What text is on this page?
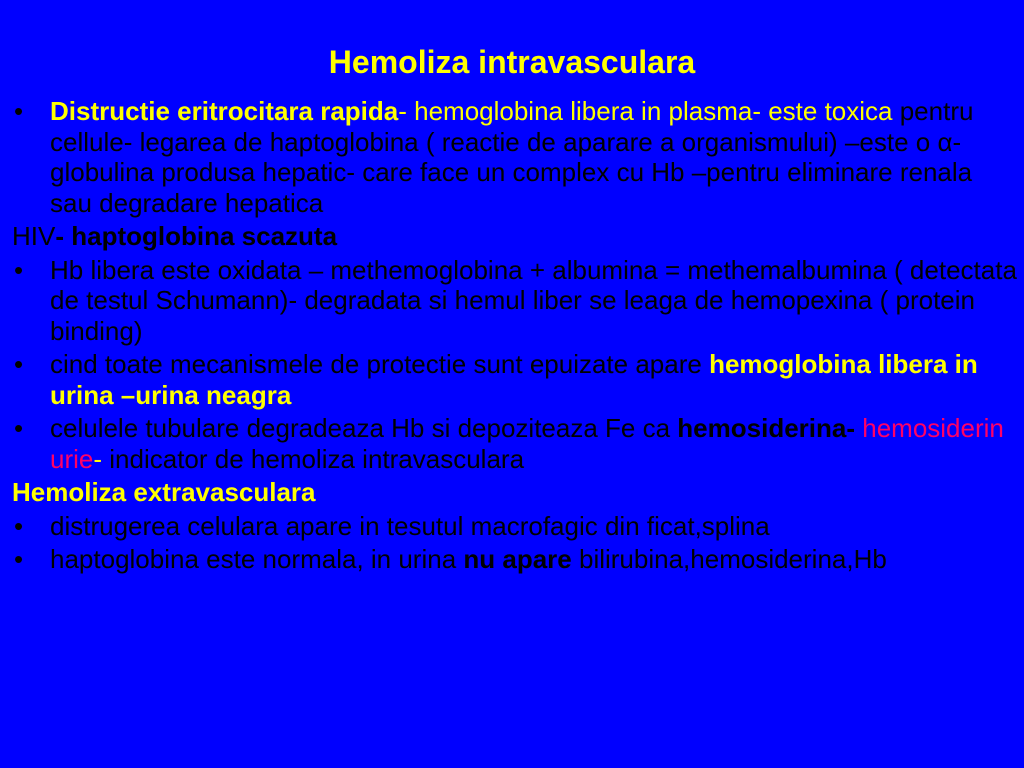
Hemoliza intravasculara
• Distructie eritrocitara rapida- hemoglobina libera in plasma- este toxica pentru cellule- legarea de haptoglobina ( reactie de aparare a organismului) –este o α-globulina produsa hepatic- care face un complex cu Hb –pentru eliminare renala sau degradare hepatica
HIV- haptoglobina scazuta
• Hb libera este oxidata – methemoglobina + albumina = methemalbumina ( detectata de testul Schumann)- degradata si hemul liber se leaga de hemopexina ( protein binding)
• cind toate mecanismele de protectie sunt epuizate apare hemoglobina libera in urina –urina neagra
• celulele tubulare degradeaza Hb si depoziteaza Fe ca hemosiderina- hemosiderin urie- indicator de hemoliza intravasculara
Hemoliza extravasculara
• distrugerea celulara apare in tesutul macrofagic din ficat,splina
• haptoglobina este normala, in urina nu apare bilirubina,hemosiderina,Hb
